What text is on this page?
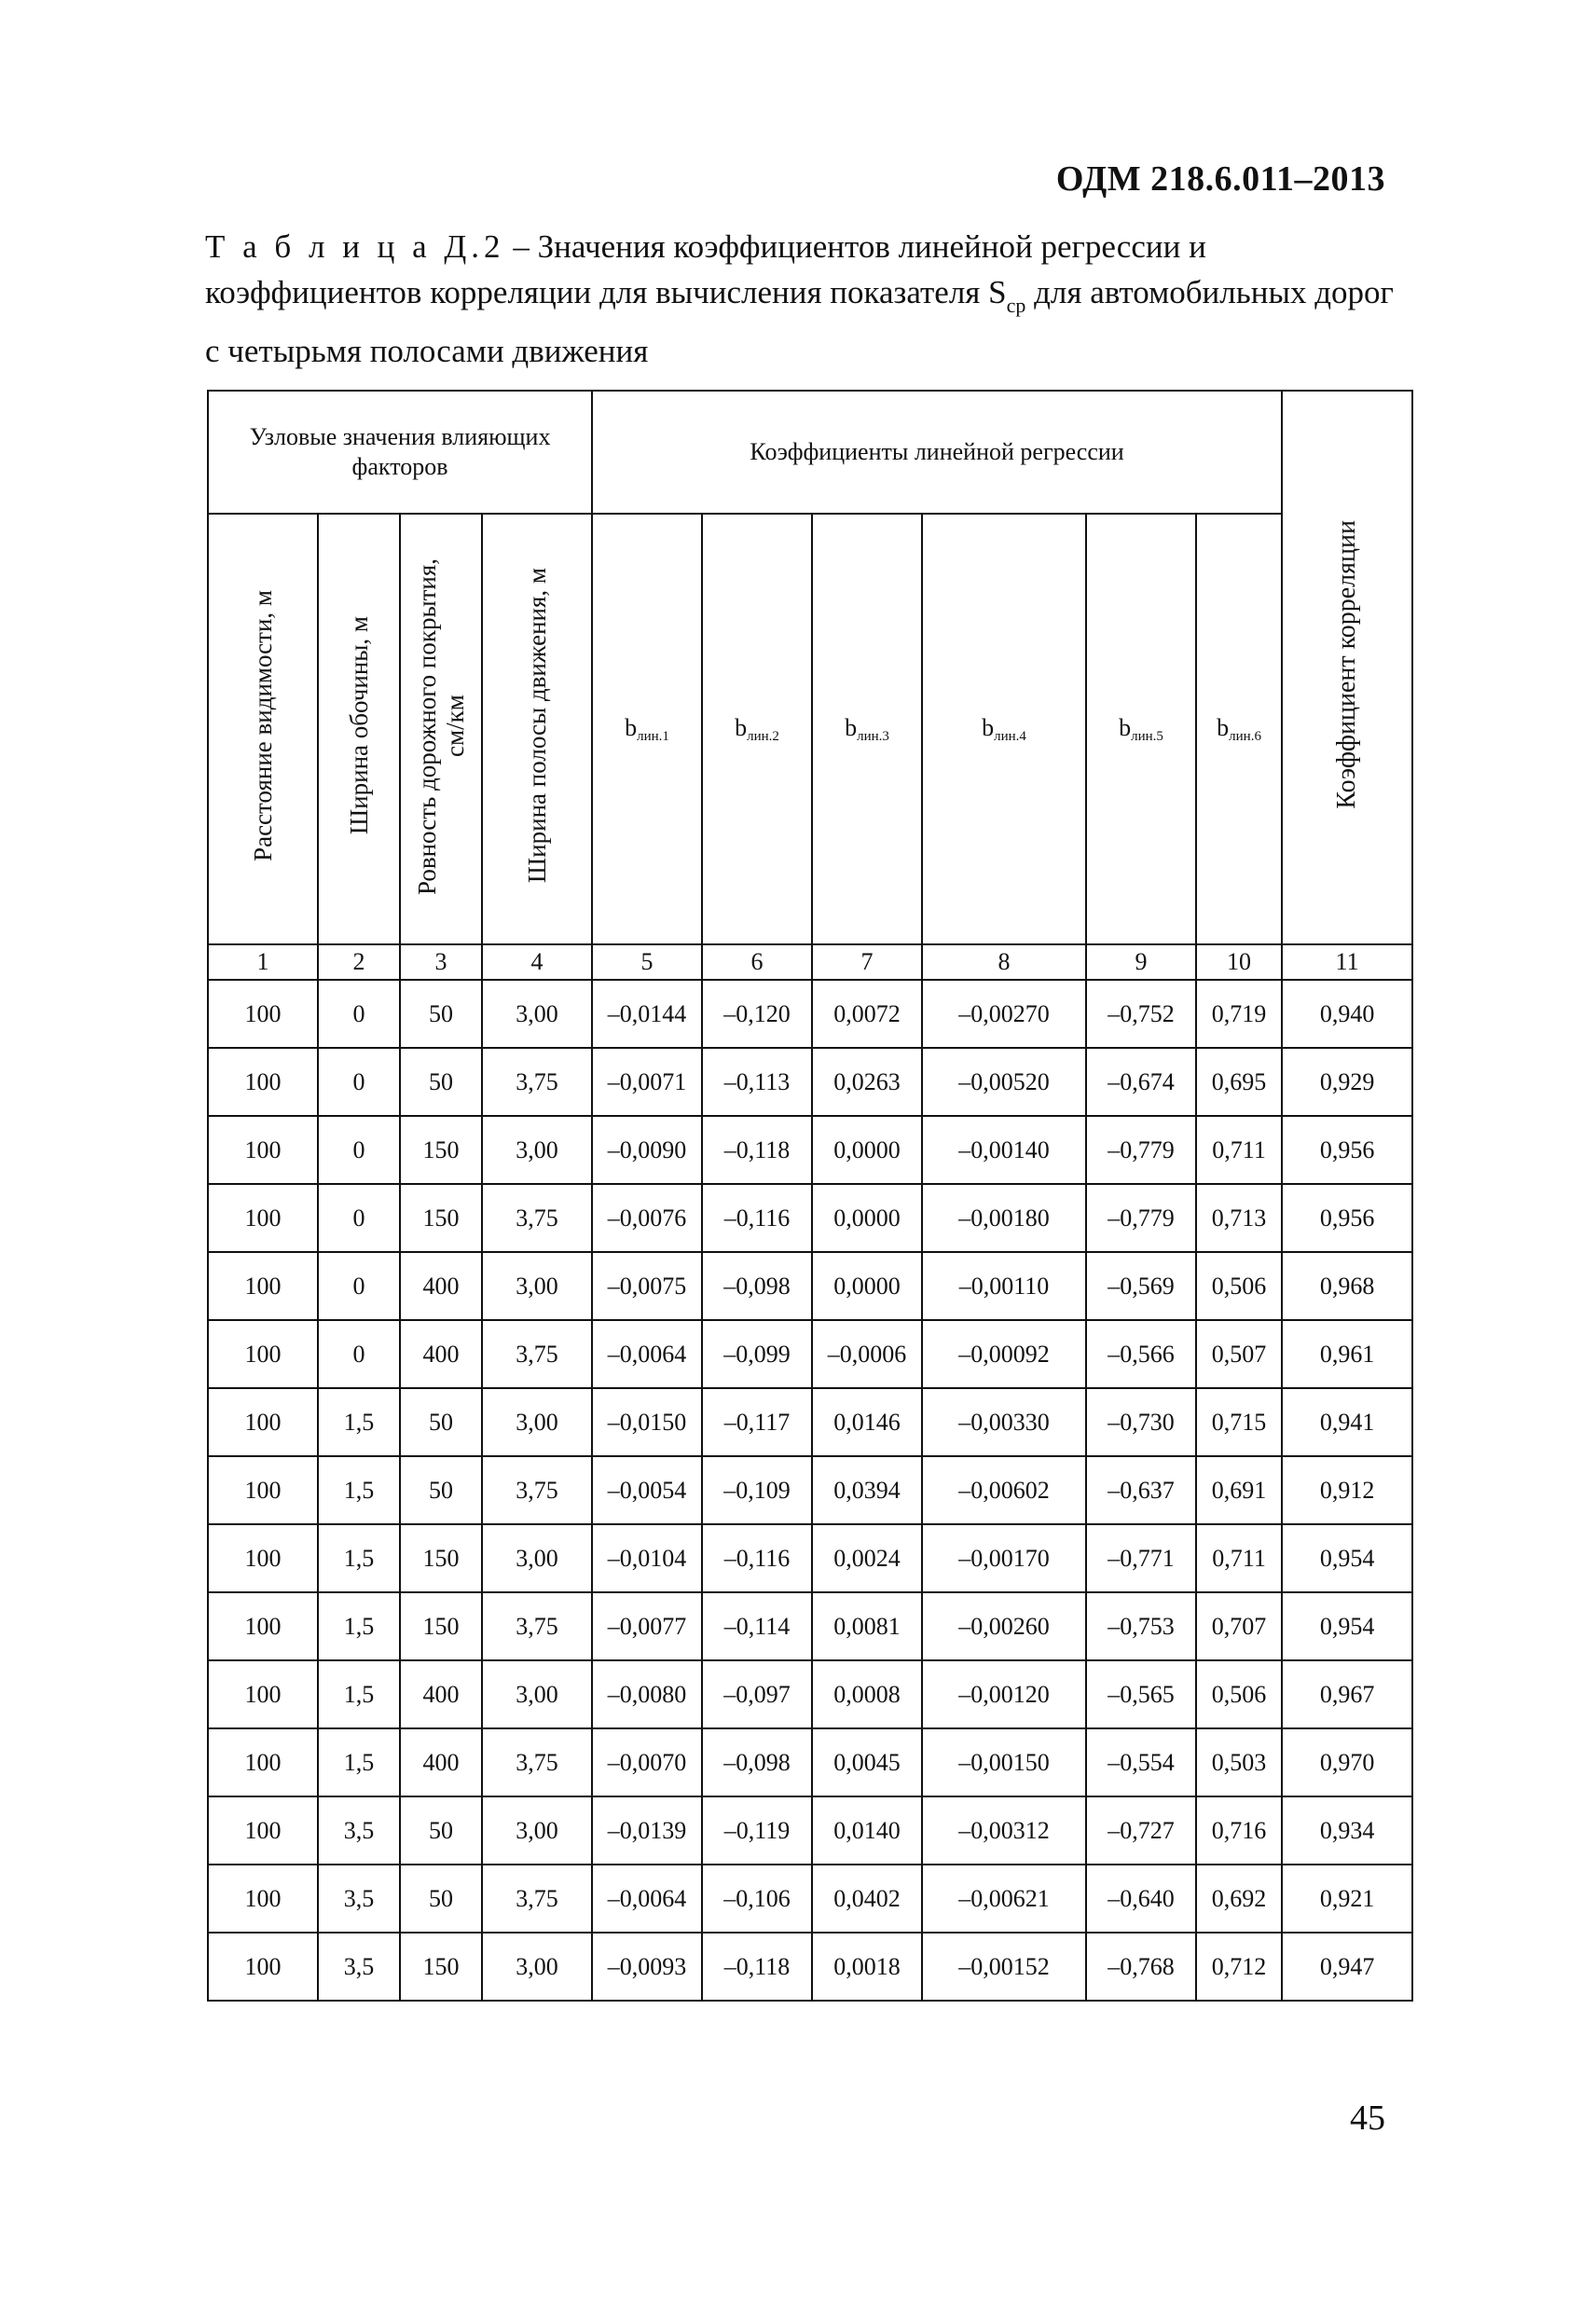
ОДМ 218.6.011–2013
Т а б л и ц а Д.2 – Значения коэффициентов линейной регрессии и коэффициентов корреляции для вычисления показателя $S_{ср}$ для автомобильных дорог с четырьмя полосами движения
Узловые значения влияющих факторов				Коэффициенты линейной регрессии						Коэффициент корреляции
Расстояние видимости, м	Ширина обочины, м	Ровность дорожного покрытия, см/км	Ширина полосы движения, м	$b_{лин.1}$	$b_{лин.2}$	$b_{лин.3}$	$b_{лин.4}$	$b_{лин.5}$	$b_{лин.6}$
1	2	3	4	5	6	7	8	9	10	11
100	0	50	3,00	–0,0144	–0,120	0,0072	–0,00270	–0,752	0,719	0,940
100	0	50	3,75	–0,0071	–0,113	0,0263	–0,00520	–0,674	0,695	0,929
100	0	150	3,00	–0,0090	–0,118	0,0000	–0,00140	–0,779	0,711	0,956
100	0	150	3,75	–0,0076	–0,116	0,0000	–0,00180	–0,779	0,713	0,956
100	0	400	3,00	–0,0075	–0,098	0,0000	–0,00110	–0,569	0,506	0,968
100	0	400	3,75	–0,0064	–0,099	–0,0006	–0,00092	–0,566	0,507	0,961
100	1,5	50	3,00	–0,0150	–0,117	0,0146	–0,00330	–0,730	0,715	0,941
100	1,5	50	3,75	–0,0054	–0,109	0,0394	–0,00602	–0,637	0,691	0,912
100	1,5	150	3,00	–0,0104	–0,116	0,0024	–0,00170	–0,771	0,711	0,954
100	1,5	150	3,75	–0,0077	–0,114	0,0081	–0,00260	–0,753	0,707	0,954
100	1,5	400	3,00	–0,0080	–0,097	0,0008	–0,00120	–0,565	0,506	0,967
100	1,5	400	3,75	–0,0070	–0,098	0,0045	–0,00150	–0,554	0,503	0,970
100	3,5	50	3,00	–0,0139	–0,119	0,0140	–0,00312	–0,727	0,716	0,934
100	3,5	50	3,75	–0,0064	–0,106	0,0402	–0,00621	–0,640	0,692	0,921
100	3,5	150	3,00	–0,0093	–0,118	0,0018	–0,00152	–0,768	0,712	0,947
45
